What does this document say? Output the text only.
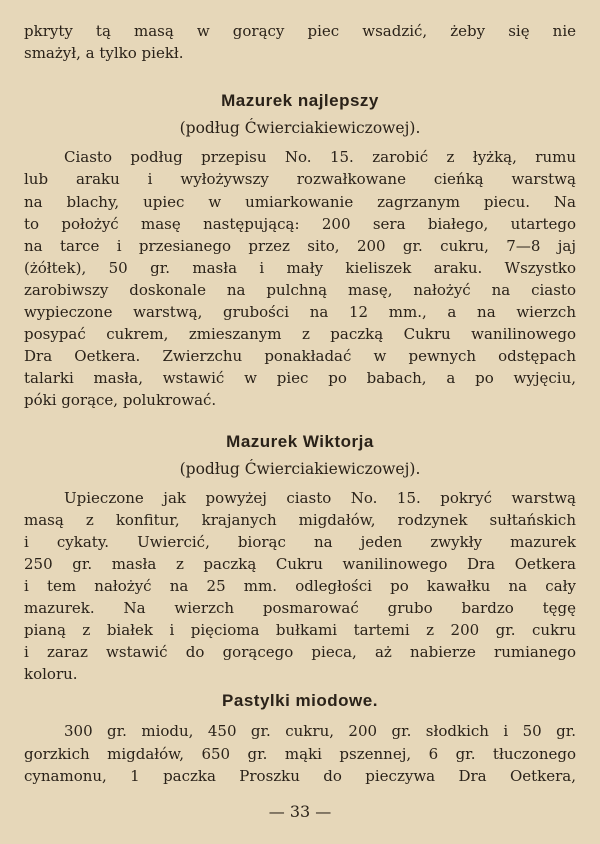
pkryty tą masą w gorący piec wsadzić, żeby się nie
smażył, a tylko piekł.
Mazurek najlepszy
(podług Ćwierciakiewiczowej).
Ciasto podług przepisu No. 15. zarobić z łyżką, rumu
lub araku i wyłożywszy rozwałkowane cieńką warstwą
na blachy, upiec w umiarkowanie zagrzanym piecu. Na
to położyć masę następującą: 200 sera białego, utartego
na tarce i przesianego przez sito, 200 gr. cukru, 7—8 jaj
(żółtek), 50 gr. masła i mały kieliszek araku. Wszystko
zarobiwszy doskonale na pulchną masę, nałożyć na ciasto
wypieczone warstwą, grubości na 12 mm., a na wierzch
posypać cukrem, zmieszanym z paczką Cukru wanilinowego
Dra Oetkera. Zwierzchu ponakładać w pewnych odstępach
talarki masła, wstawić w piec po babach, a po wyjęciu,
póki gorące, polukrować.
Mazurek Wiktorja
(podług Ćwierciakiewiczowej).
Upieczone jak powyżej ciasto No. 15. pokryć warstwą
masą z konfitur, krajanych migdałów, rodzynek sułtańskich
i cykaty. Uwiercić, biorąc na jeden zwykły mazurek
250 gr. masła z paczką Cukru wanilinowego Dra Oetkera
i tem nałożyć na 25 mm. odległości po kawałku na cały
mazurek. Na wierzch posmarować grubo bardzo tęgę
pianą z białek i pięcioma bułkami tartemi z 200 gr. cukru
i zaraz wstawić do gorącego pieca, aż nabierze rumianego
koloru.
Pastylki miodowe.
300 gr. miodu, 450 gr. cukru, 200 gr. słodkich i 50 gr.
gorzkich migdałów, 650 gr. mąki pszennej, 6 gr. tłuczonego
cynamonu, 1 paczka Proszku do pieczywa Dra Oetkera,
— 33 —
